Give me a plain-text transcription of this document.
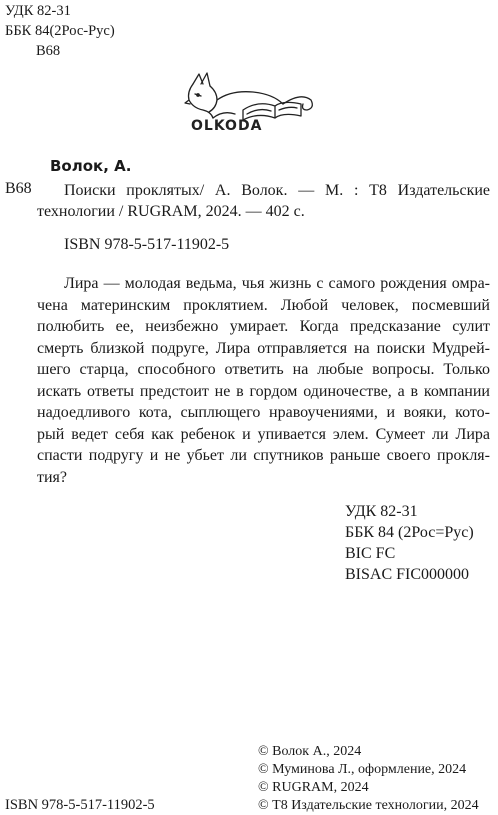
УДК 82-31
ББК 84(2Рос-Рус)
В68
ОLKODA
Волок, А.
В68	Поиски проклятых/ А. Волок. — М. : Т8 Издательские технологии / RUGRAM, 2024. — 402 с.
ISBN 978-5-517-11902-5
Лира — молодая ведьма, чья жизнь с самого рождения омра-
чена материнским проклятием. Любой человек, посмевший
полюбить ее, неизбежно умирает. Когда предсказание сулит
смерть близкой подруге, Лира отправляется на поиски Мудрей-
шего старца, способного ответить на любые вопросы. Только
искать ответы предстоит не в гордом одиночестве, а в компании
надоедливого кота, сыплющего нравоучениями, и вояки, кото-
рый ведет себя как ребенок и упивается элем. Сумеет ли Лира
спасти подругу и не убьет ли спутников раньше своего прокля-
тия?
УДК 82-31
ББК 84 (2Рос=Рус)
BIC FC
BISAC FIC000000
© Волок А., 2024
© Муминова Л., оформление, 2024
© RUGRAM, 2024
© Т8 Издательские технологии, 2024
ISBN 978-5-517-11902-5
